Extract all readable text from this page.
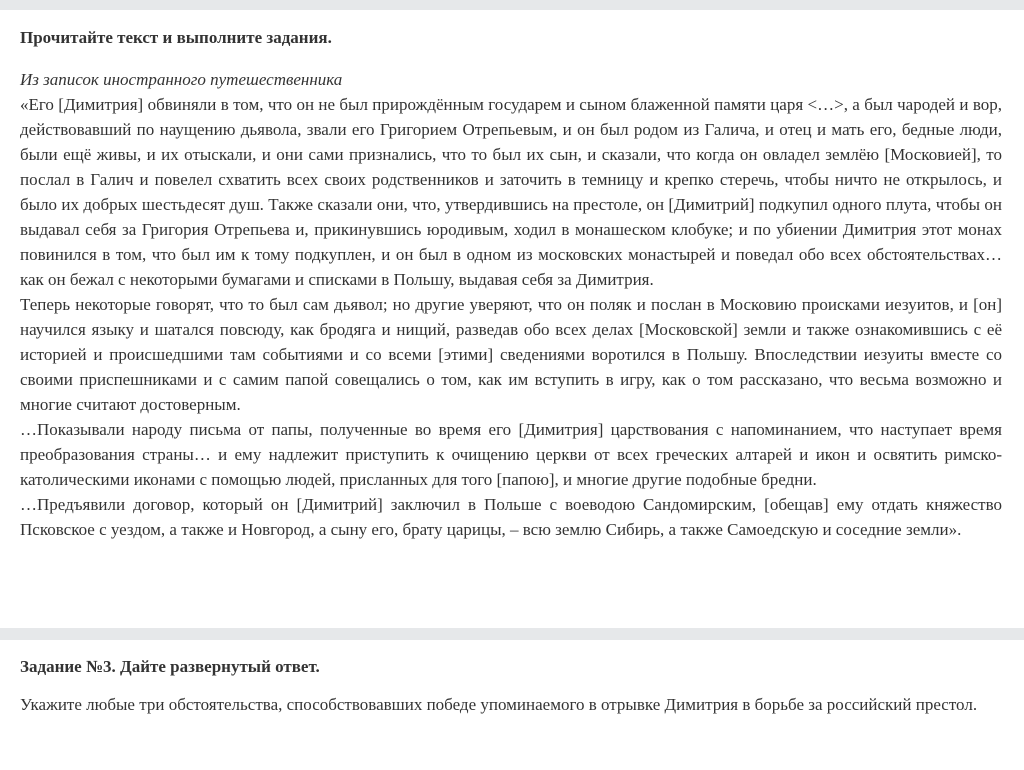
Прочитайте текст и выполните задания.

Из записок иностранного путешественника

«Его [Димитрия] обвиняли в том, что он не был прирождённым государем и сыном блаженной памяти царя <…>, а был чародей и вор, действовавший по наущению дьявола, звали его Григорием Отрепьевым, и он был родом из Галича, и отец и мать его, бедные люди, были ещё живы, и их отыскали, и они сами признались, что то был их сын, и сказали, что когда он овладел землёю [Московией], то послал в Галич и повелел схватить всех своих родственников и заточить в темницу и крепко стеречь, чтобы ничто не открылось, и было их добрых шестьдесят душ. Также сказали они, что, утвердившись на престоле, он [Димитрий] подкупил одного плута, чтобы он выдавал себя за Григория Отрепьева и, прикинувшись юродивым, ходил в монашеском клобуке; и по убиении Димитрия этот монах повинился в том, что был им к тому подкуплен, и он был в одном из московских монастырей и поведал обо всех обстоятельствах… как он бежал с некоторыми бумагами и списками в Польшу, выдавая себя за Димитрия.

Теперь некоторые говорят, что то был сам дьявол; но другие уверяют, что он поляк и послан в Московию происками иезуитов, и [он] научился языку и шатался повсюду, как бродяга и нищий, разведав обо всех делах [Московской] земли и также ознакомившись с её историей и происшедшими там событиями и со всеми [этими] сведениями воротился в Польшу. Впоследствии иезуиты вместе со своими приспешниками и с самим папой совещались о том, как им вступить в игру, как о том рассказано, что весьма возможно и многие считают достоверным.

…Показывали народу письма от папы, полученные во время его [Димитрия] царствования с напоминанием, что наступает время преобразования страны… и ему надлежит приступить к очищению церкви от всех греческих алтарей и икон и освятить римско-католическими иконами с помощью людей, присланных для того [папою], и многие другие подобные бредни.

…Предъявили договор, который он [Димитрий] заключил в Польше с воеводою Сандомирским, [обещав] ему отдать княжество Псковское с уездом, а также и Новгород, а сыну его, брату царицы, – всю землю Сибирь, а также Самоедскую и соседние земли».

Задание №3. Дайте развернутый ответ.

Укажите любые три обстоятельства, способствовавших победе упоминаемого в отрывке Димитрия в борьбе за российский престол.
